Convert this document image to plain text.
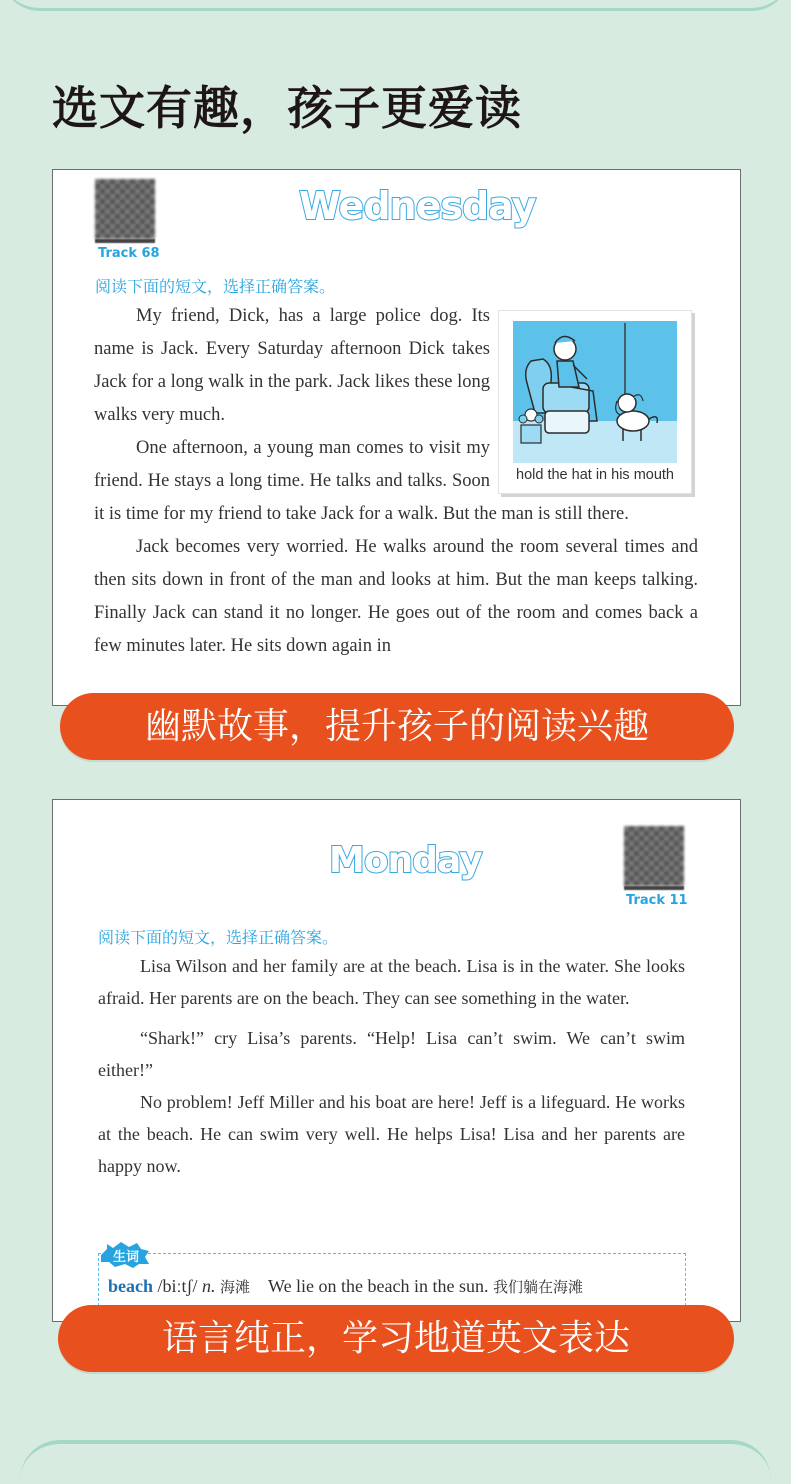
选文有趣，孩子更爱读
Track 68
Wednesday
阅读下面的短文，选择正确答案。

My friend, Dick, has a large police dog. Its name is Jack. Every Saturday afternoon Dick takes Jack for a long walk in the park. Jack likes these long walks very much.

One afternoon, a young man comes to visit my friend. He stays a long time. He talks and talks. Soon it is time for my friend to take Jack for a walk. But the man is still there.

Jack becomes very worried. He walks around the room several times and then sits down in front of the man and looks at him. But the man keeps talking. Finally Jack can stand it no longer. He goes out of the room and comes back a few minutes later. He sits down again in

hold the hat in his mouth
幽默故事，提升孩子的阅读兴趣
Monday
Track 11
阅读下面的短文，选择正确答案。

Lisa Wilson and her family are at the beach. Lisa is in the water. She looks afraid. Her parents are on the beach. They can see something in the water.

“Shark!” cry Lisa’s parents. “Help! Lisa can’t swim. We can’t swim either!”

No problem! Jeff Miller and his boat are here! Jeff is a lifeguard. He works at the beach. He can swim very well. He helps Lisa! Lisa and her parents are happy now.

生词
beach /biːtʃ/ n. 海滩 We lie on the beach in the sun. 我们躺在海滩
语言纯正，学习地道英文表达
